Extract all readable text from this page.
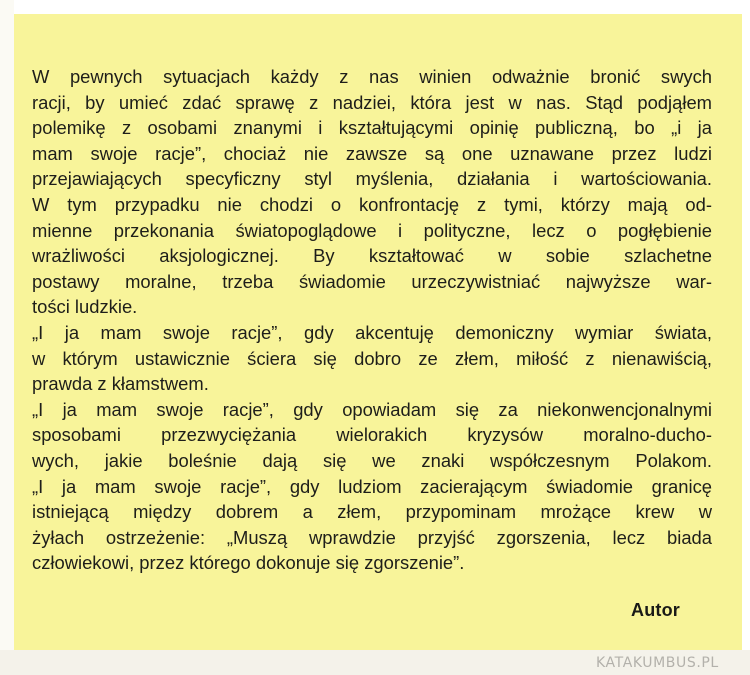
W pewnych sytuacjach każdy z nas winien odważnie bronić swych
racji, by umieć zdać sprawę z nadziei, która jest w nas. Stąd podjąłem
polemikę z osobami znanymi i kształtującymi opinię publiczną, bo „i ja
mam swoje racje”, chociaż nie zawsze są one uznawane przez ludzi
przejawiających specyficzny styl myślenia, działania i wartościowania.
W tym przypadku nie chodzi o konfrontację z tymi, którzy mają od-
mienne przekonania światopoglądowe i polityczne, lecz o pogłębienie
wrażliwości aksjologicznej. By kształtować w sobie szlachetne
postawy moralne, trzeba świadomie urzeczywistniać najwyższe war-
tości ludzkie.
„I ja mam swoje racje”, gdy akcentuję demoniczny wymiar świata,
w którym ustawicznie ściera się dobro ze złem, miłość z nienawiścią,
prawda z kłamstwem.
„I ja mam swoje racje”, gdy opowiadam się za niekonwencjonalnymi
sposobami przezwyciężania wielorakich kryzysów moralno-ducho-
wych, jakie boleśnie dają się we znaki współczesnym Polakom.
„I ja mam swoje racje”, gdy ludziom zacierającym świadomie granicę
istniejącą między dobrem a złem, przypominam mrożące krew w
żyłach ostrzeżenie: „Muszą wprawdzie przyjść zgorszenia, lecz biada
człowiekowi, przez którego dokonuje się zgorszenie”.
Autor
KATAKUMBUS.PL
